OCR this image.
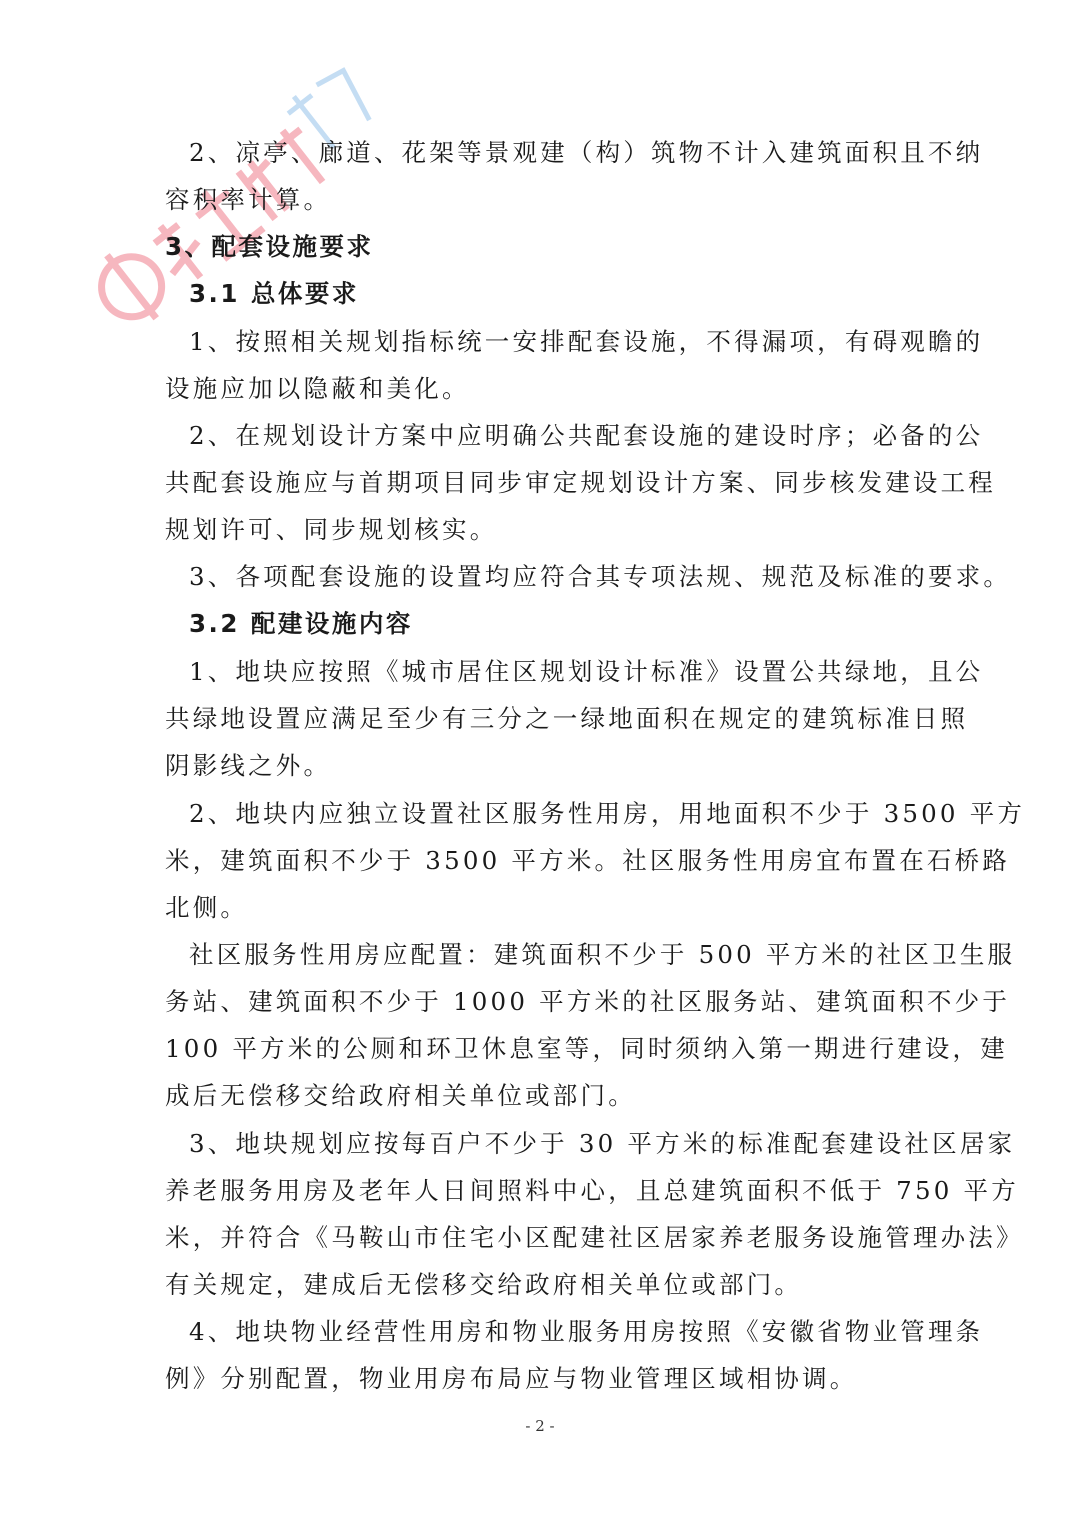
2、凉亭、廊道、花架等景观建（构）筑物不计入建筑面积且不纳
容积率计算。
3、配套设施要求
3.1 总体要求
1、按照相关规划指标统一安排配套设施，不得漏项，有碍观瞻的
设施应加以隐蔽和美化。
2、在规划设计方案中应明确公共配套设施的建设时序；必备的公
共配套设施应与首期项目同步审定规划设计方案、同步核发建设工程
规划许可、同步规划核实。
3、各项配套设施的设置均应符合其专项法规、规范及标准的要求。
3.2 配建设施内容
1、地块应按照《城市居住区规划设计标准》设置公共绿地，且公
共绿地设置应满足至少有三分之一绿地面积在规定的建筑标准日照
阴影线之外。
2、地块内应独立设置社区服务性用房，用地面积不少于 3500 平方
米，建筑面积不少于 3500 平方米。社区服务性用房宜布置在石桥路
北侧。
社区服务性用房应配置：建筑面积不少于 500 平方米的社区卫生服
务站、建筑面积不少于 1000 平方米的社区服务站、建筑面积不少于
100 平方米的公厕和环卫休息室等，同时须纳入第一期进行建设，建
成后无偿移交给政府相关单位或部门。
3、地块规划应按每百户不少于 30 平方米的标准配套建设社区居家
养老服务用房及老年人日间照料中心，且总建筑面积不低于 750 平方
米，并符合《马鞍山市住宅小区配建社区居家养老服务设施管理办法》
有关规定，建成后无偿移交给政府相关单位或部门。
4、地块物业经营性用房和物业服务用房按照《安徽省物业管理条
例》分别配置，物业用房布局应与物业管理区域相协调。
- 2 -
